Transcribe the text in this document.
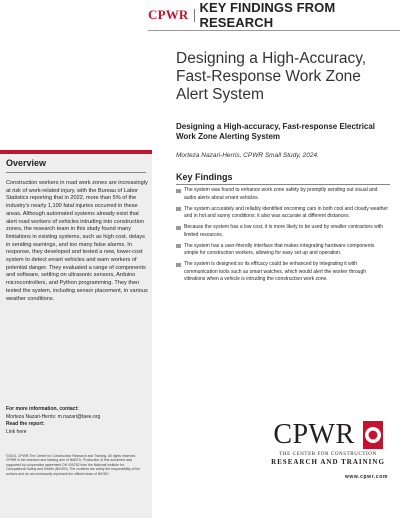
CPWR KEY FINDINGS FROM RESEARCH
Designing a High-Accuracy, Fast-Response Work Zone Alert System
Overview

Construction workers in road work zones are increasingly at risk of work-related injury, with the Bureau of Labor Statistics reporting that in 2022, more than 5% of the industry's nearly 1,100 fatal injuries occurred in these areas. Although automated systems already exist that alert road workers of vehicles intruding into construction zones, the research team in this study found many limitations in existing systems, such as high cost, delays in sending warnings, and too many false alarms. In response, they developed and tested a new, lower-cost system to detect errant vehicles and warn workers of potential danger. They evaluated a range of components and software, settling on ultrasonic sensors, Arduino microcontrollers, and Python programming. They then tested the system, including sensor placement, in various weather conditions.

For more information, contact:
Morteza Nazari-Herris: m.nazari@taee.org
Read the report:
Link here

©2024, CPWR-The Center for Construction Research and Training. All rights reserved. CPWR is the research and training arm of NABTU. Production of this document was supported by cooperative agreement OH 009762 from the National Institute for Occupational Safety and Health (NIOSH). The contents are solely the responsibility of the authors and do not necessarily represent the official views of NIOSH.

Designing a High-accuracy, Fast-response Electrical Work Zone Alerting System
Morteza Nazari-Herris, CPWR Small Study, 2024.
Key Findings
The system was found to enhance work zone safety by promptly sending out visual and audio alerts about errant vehicles.
The system accurately and reliably identified oncoming cars in both cool and cloudy weather and in hot and sunny conditions; it also was accurate at different distances.
Because the system has a low cost, it is more likely to be used by smaller contractors with limited resources.
The system has a user-friendly interface that makes integrating hardware components simple for construction workers, allowing for easy set up and operation.
The system is designed so its efficacy could be enhanced by integrating it with communication tools such as smart watches, which would alert the worker through vibrations when a vehicle is intruding the construction work zone.
CPWR
THE CENTER FOR CONSTRUCTION
RESEARCH AND TRAINING
www.cpwr.com
